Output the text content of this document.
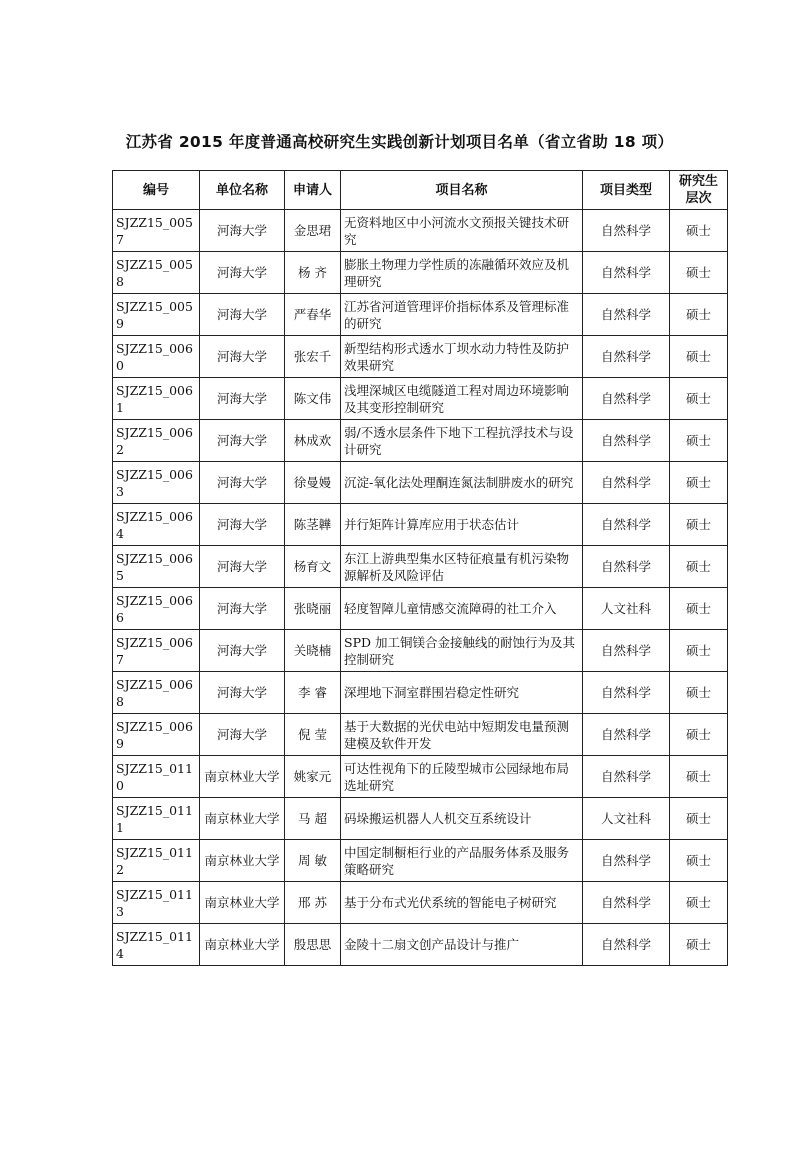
江苏省 2015 年度普通高校研究生实践创新计划项目名单（省立省助 18 项）
编号	单位名称	申请人	项目名称	项目类型	研究生层次
SJZZ15_0057	河海大学	金思珺	无资料地区中小河流水文预报关键技术研究	自然科学	硕士
SJZZ15_0058	河海大学	杨 齐	膨胀土物理力学性质的冻融循环效应及机理研究	自然科学	硕士
SJZZ15_0059	河海大学	严春华	江苏省河道管理评价指标体系及管理标准的研究	自然科学	硕士
SJZZ15_0060	河海大学	张宏千	新型结构形式透水丁坝水动力特性及防护效果研究	自然科学	硕士
SJZZ15_0061	河海大学	陈文伟	浅埋深城区电缆隧道工程对周边环境影响及其变形控制研究	自然科学	硕士
SJZZ15_0062	河海大学	林成欢	弱/不透水层条件下地下工程抗浮技术与设计研究	自然科学	硕士
SJZZ15_0063	河海大学	徐曼嫚	沉淀-氧化法处理酮连氮法制肼废水的研究	自然科学	硕士
SJZZ15_0064	河海大学	陈茎韡	并行矩阵计算库应用于状态估计	自然科学	硕士
SJZZ15_0065	河海大学	杨育文	东江上游典型集水区特征痕量有机污染物源解析及风险评估	自然科学	硕士
SJZZ15_0066	河海大学	张晓丽	轻度智障儿童情感交流障碍的社工介入	人文社科	硕士
SJZZ15_0067	河海大学	关晓楠	SPD 加工铜镁合金接触线的耐蚀行为及其控制研究	自然科学	硕士
SJZZ15_0068	河海大学	李 睿	深埋地下洞室群围岩稳定性研究	自然科学	硕士
SJZZ15_0069	河海大学	倪 莹	基于大数据的光伏电站中短期发电量预测建模及软件开发	自然科学	硕士
SJZZ15_0110	南京林业大学	姚家元	可达性视角下的丘陵型城市公园绿地布局选址研究	自然科学	硕士
SJZZ15_0111	南京林业大学	马 超	码垛搬运机器人人机交互系统设计	人文社科	硕士
SJZZ15_0112	南京林业大学	周 敏	中国定制橱柜行业的产品服务体系及服务策略研究	自然科学	硕士
SJZZ15_0113	南京林业大学	邢 苏	基于分布式光伏系统的智能电子树研究	自然科学	硕士
SJZZ15_0114	南京林业大学	殷思思	金陵十二扇文创产品设计与推广	自然科学	硕士
